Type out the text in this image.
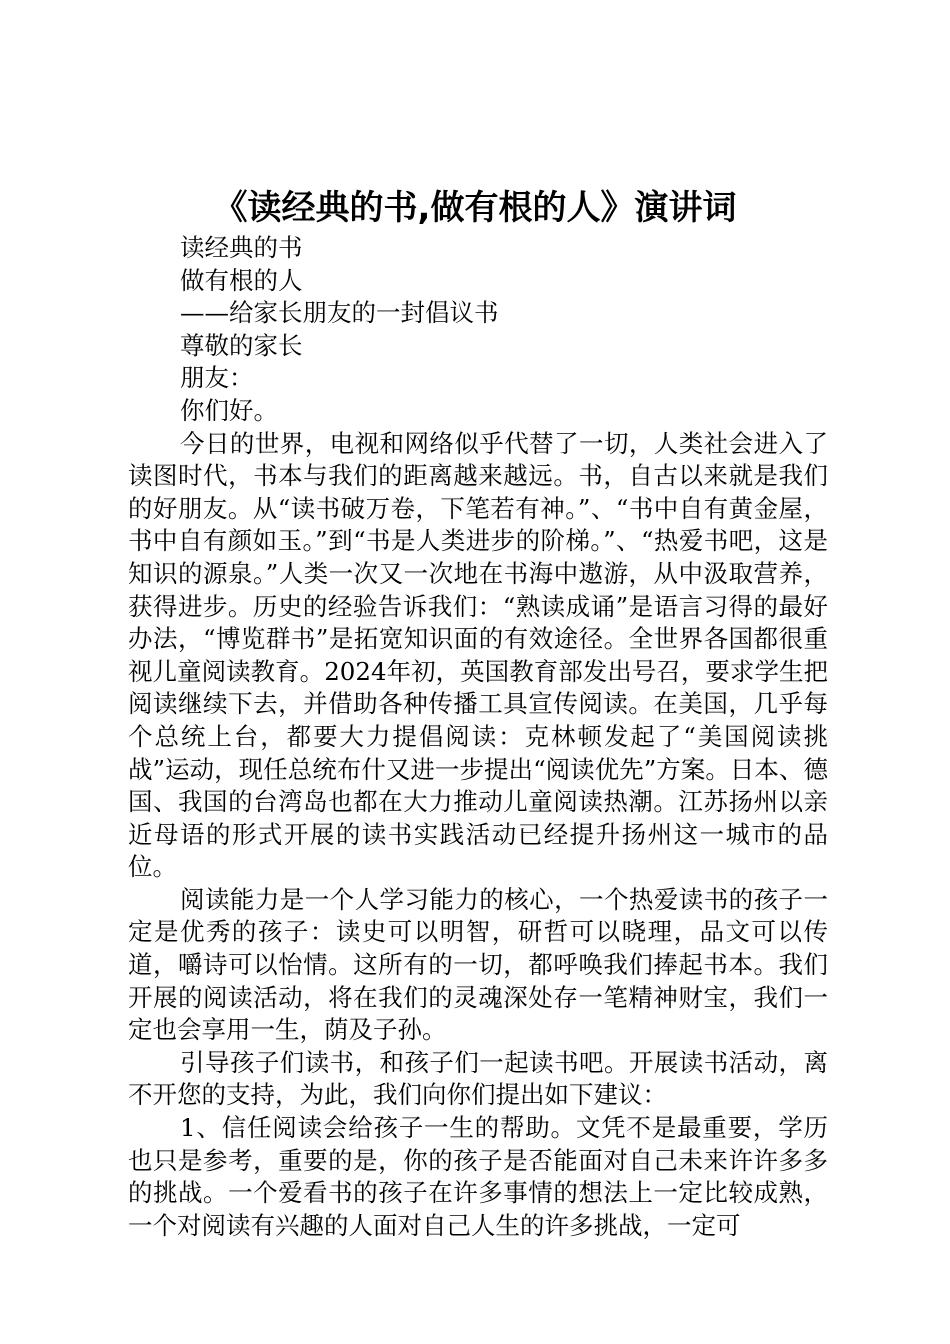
《读经典的书,做有根的人》演讲词
读经典的书
做有根的人
——给家长朋友的一封倡议书
尊敬的家长
朋友：
你们好。

今日的世界，电视和网络似乎代替了一切，人类社会进入了读图时代，书本与我们的距离越来越远。书，自古以来就是我们的好朋友。从“读书破万卷，下笔若有神。”、“书中自有黄金屋，书中自有颜如玉。”到“书是人类进步的阶梯。”、“热爱书吧，这是知识的源泉。”人类一次又一次地在书海中遨游，从中汲取营养，获得进步。历史的经验告诉我们：“熟读成诵”是语言习得的最好办法，“博览群书”是拓宽知识面的有效途径。全世界各国都很重视儿童阅读教育。2024年初，英国教育部发出号召，要求学生把阅读继续下去，并借助各种传播工具宣传阅读。在美国，几乎每个总统上台，都要大力提倡阅读：克林顿发起了“美国阅读挑战”运动，现任总统布什又进一步提出“阅读优先”方案。日本、德国、我国的台湾岛也都在大力推动儿童阅读热潮。江苏扬州以亲近母语的形式开展的读书实践活动已经提升扬州这一城市的品位。

阅读能力是一个人学习能力的核心，一个热爱读书的孩子一定是优秀的孩子：读史可以明智，研哲可以晓理，品文可以传道，嚼诗可以怡情。这所有的一切，都呼唤我们捧起书本。我们开展的阅读活动，将在我们的灵魂深处存一笔精神财宝，我们一定也会享用一生，荫及子孙。

引导孩子们读书，和孩子们一起读书吧。开展读书活动，离不开您的支持，为此，我们向你们提出如下建议：

1、信任阅读会给孩子一生的帮助。文凭不是最重要，学历也只是参考，重要的是，你的孩子是否能面对自己未来许许多多的挑战。一个爱看书的孩子在许多事情的想法上一定比较成熟，一个对阅读有兴趣的人面对自己人生的许多挑战，一定可
